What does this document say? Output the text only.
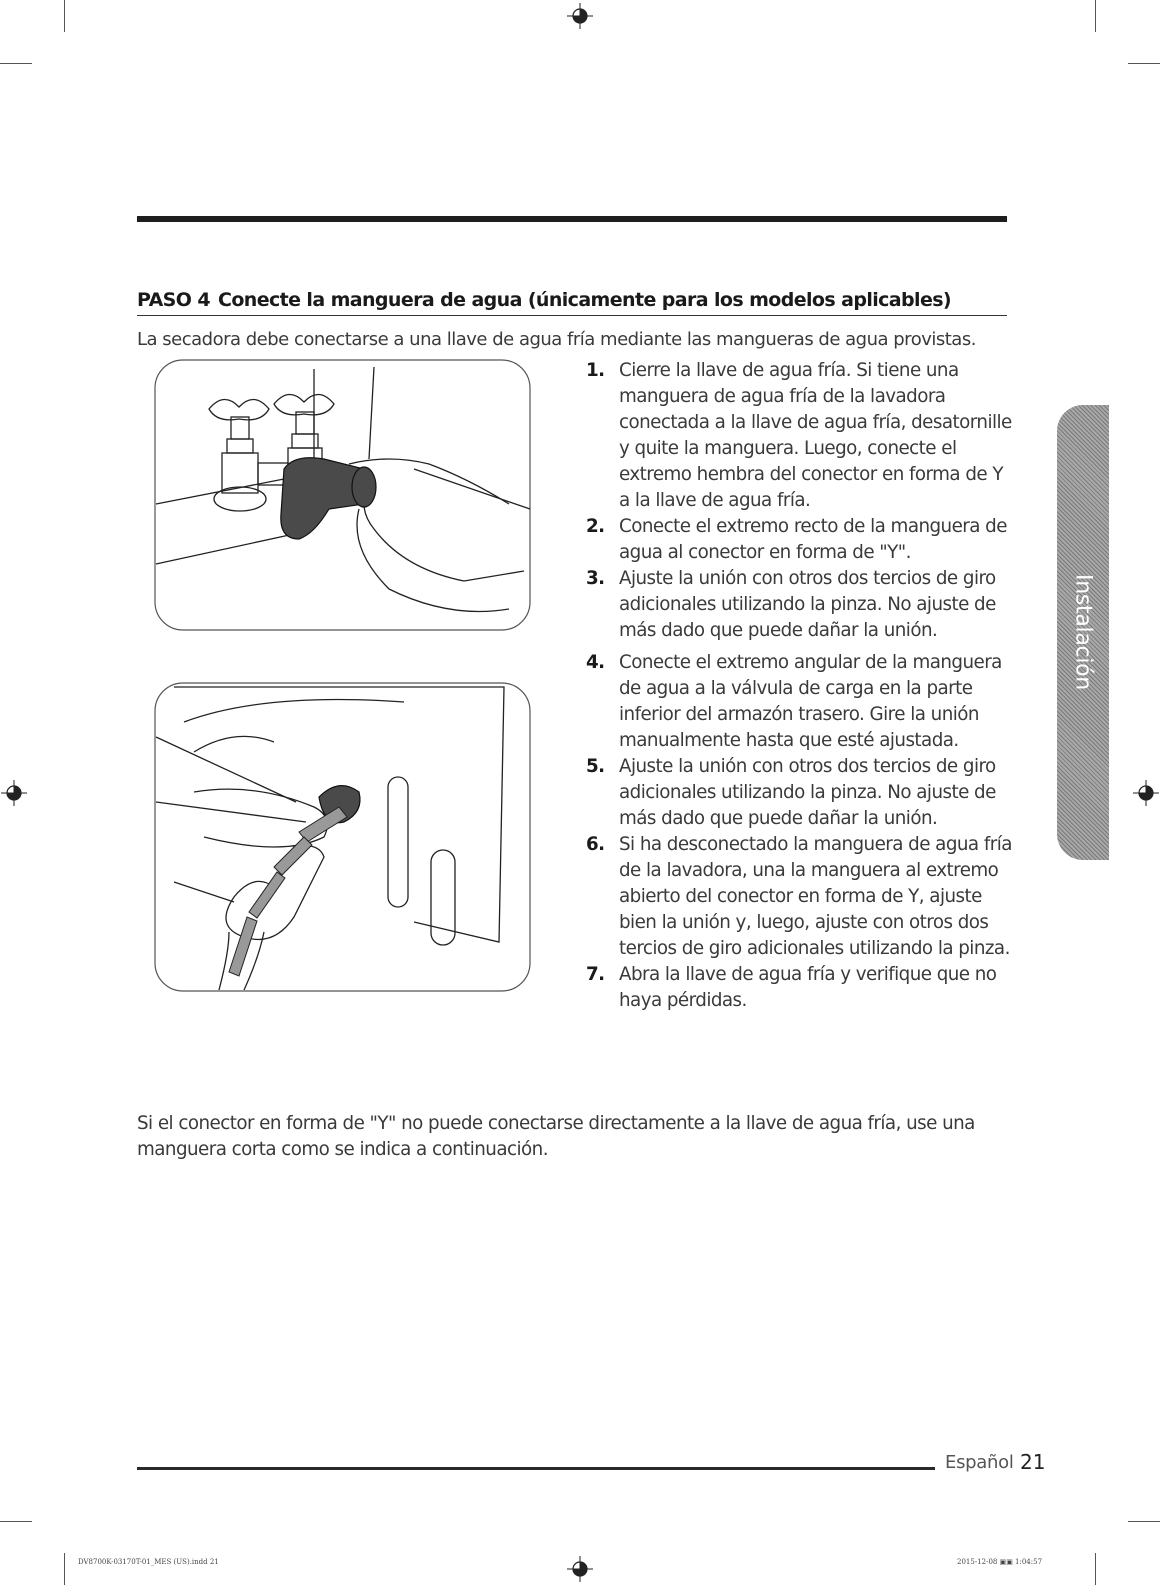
PASO 4 Conecte la manguera de agua (únicamente para los modelos aplicables)
La secadora debe conectarse a una llave de agua fría mediante las mangueras de agua provistas.
1. Cierre la llave de agua fría. Si tiene una manguera de agua fría de la lavadora conectada a la llave de agua fría, desatornille y quite la manguera. Luego, conecte el extremo hembra del conector en forma de Y a la llave de agua fría.
2. Conecte el extremo recto de la manguera de agua al conector en forma de "Y".
3. Ajuste la unión con otros dos tercios de giro adicionales utilizando la pinza. No ajuste de más dado que puede dañar la unión.
4. Conecte el extremo angular de la manguera de agua a la válvula de carga en la parte inferior del armazón trasero. Gire la unión manualmente hasta que esté ajustada.
5. Ajuste la unión con otros dos tercios de giro adicionales utilizando la pinza. No ajuste de más dado que puede dañar la unión.
6. Si ha desconectado la manguera de agua fría de la lavadora, una la manguera al extremo abierto del conector en forma de Y, ajuste bien la unión y, luego, ajuste con otros dos tercios de giro adicionales utilizando la pinza.
7. Abra la llave de agua fría y verifique que no haya pérdidas.
Si el conector en forma de "Y" no puede conectarse directamente a la llave de agua fría, use una manguera corta como se indica a continuación.
Instalación
Español 21
DV8700K-03170T-01_MES (US).indd 21	2015-12-08 ▣▣ 1:04:57
